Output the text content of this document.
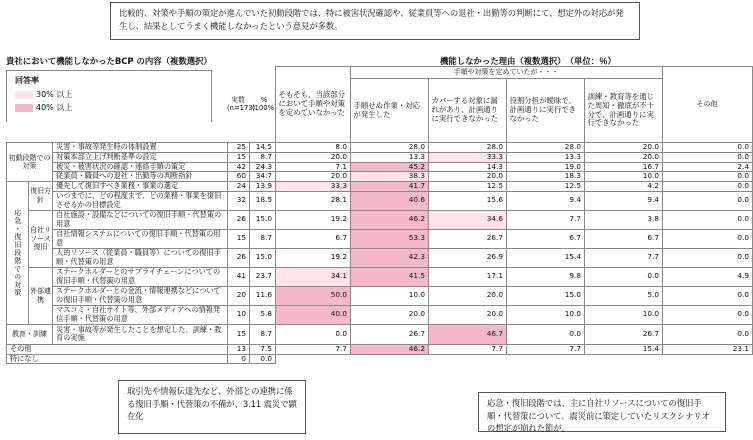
比較的、対策や手順の策定が進んでいた初動段階では、特に被害状況確認や、従業員等への退社・出勤等の判断にて、想定外の対応が発生し、結果としてうまく機能しなかったという意見が多数。
貴社において機能しなかったBCP の内容（複数選択）	機能しなかった理由（複数選択）　（単位：％）
	そもそも、当該部分において手順や対策を定めていなかった	手順や対策を定めていたが・・・				その他
		手順せぬ作業・対応が発生した	カバーする対象に漏れがあり、計画通りに実行できなかった	役割分担が曖昧で、計画通りに実行できなかった	訓練・教育等を通じた周知・徹底が不十分で、計画通りに実行できなかった	
回答率
30% 以上
40% 以上
実数 (n=173)
% (100%)
初動段階での対策		災害・事故等発生時の体制設置	25	14.5	8.0	28.0	28.0	28.0	20.0	0.0
		対策本部立上げ判断基準の設定	15	8.7	20.0	13.3	33.3	13.3	20.0	0.0
		被災・被害状況の確認・連絡手順の策定	42	24.3	7.1	45.2	14.3	19.0	16.7	2.4
		従業員・職員への退社・出勤等の判断指針	60	34.7	20.0	38.3	20.0	18.3	10.0	0.0
応急・復旧段階での対策	復旧方針	優先して復旧すべき業務・事業の選定	24	13.9	33.3	41.7	12.5	12.5	4.2	0.0
		いつまでに、どの程度まで、どの業務・事業を復旧させるかの目標設定	32	18.5	28.1	40.6	15.6	9.4	9.4	0.0
	自社リソース復旧	自社施設・設備などについての復旧手順・代替策の用意	26	15.0	19.2	46.2	34.6	7.7	3.8	0.0
		自社情報システムについての復旧手順・代替策の用意	15	8.7	6.7	53.3	26.7	6.7	6.7	0.0
		人的リソース（従業員・職員等）についての復旧手順・代替策の用意	26	15.0	19.2	42.3	26.9	15.4	7.7	0.0
	外部連携	ステークホルダーとのサプライチェーンについての復旧手順・代替策の用意	41	23.7	34.1	41.5	17.1	9.8	0.0	4.9
		ステークホルダーとの金流・情報連携などについての復旧手順・代替策の用意	20	11.6	50.0	10.0	20.0	15.0	5.0	0.0
		マスコミ・自社サイト等、外部メディアへの情報発信手順・代替策の用意	10	5.8	40.0	20.0	20.0	10.0	10.0	0.0
教育・訓練		災害・事故等が発生したことを想定した、訓練・教育の実施	15	8.7	0.0	26.7	46.7	0.0	26.7	0.0
その他			13	7.5	7.7	46.2	7.7	7.7	15.4	23.1
特になし			0	0.0						
取引先や情報伝達先など、外部との連携に係る復旧手順・代替策の不備が、3.11 震災で顕在化
応急・復旧段階では、主に自社リソースについての復旧手順・代替策について、震災前に策定していたリスクシナリオの想定が崩れた節が。
